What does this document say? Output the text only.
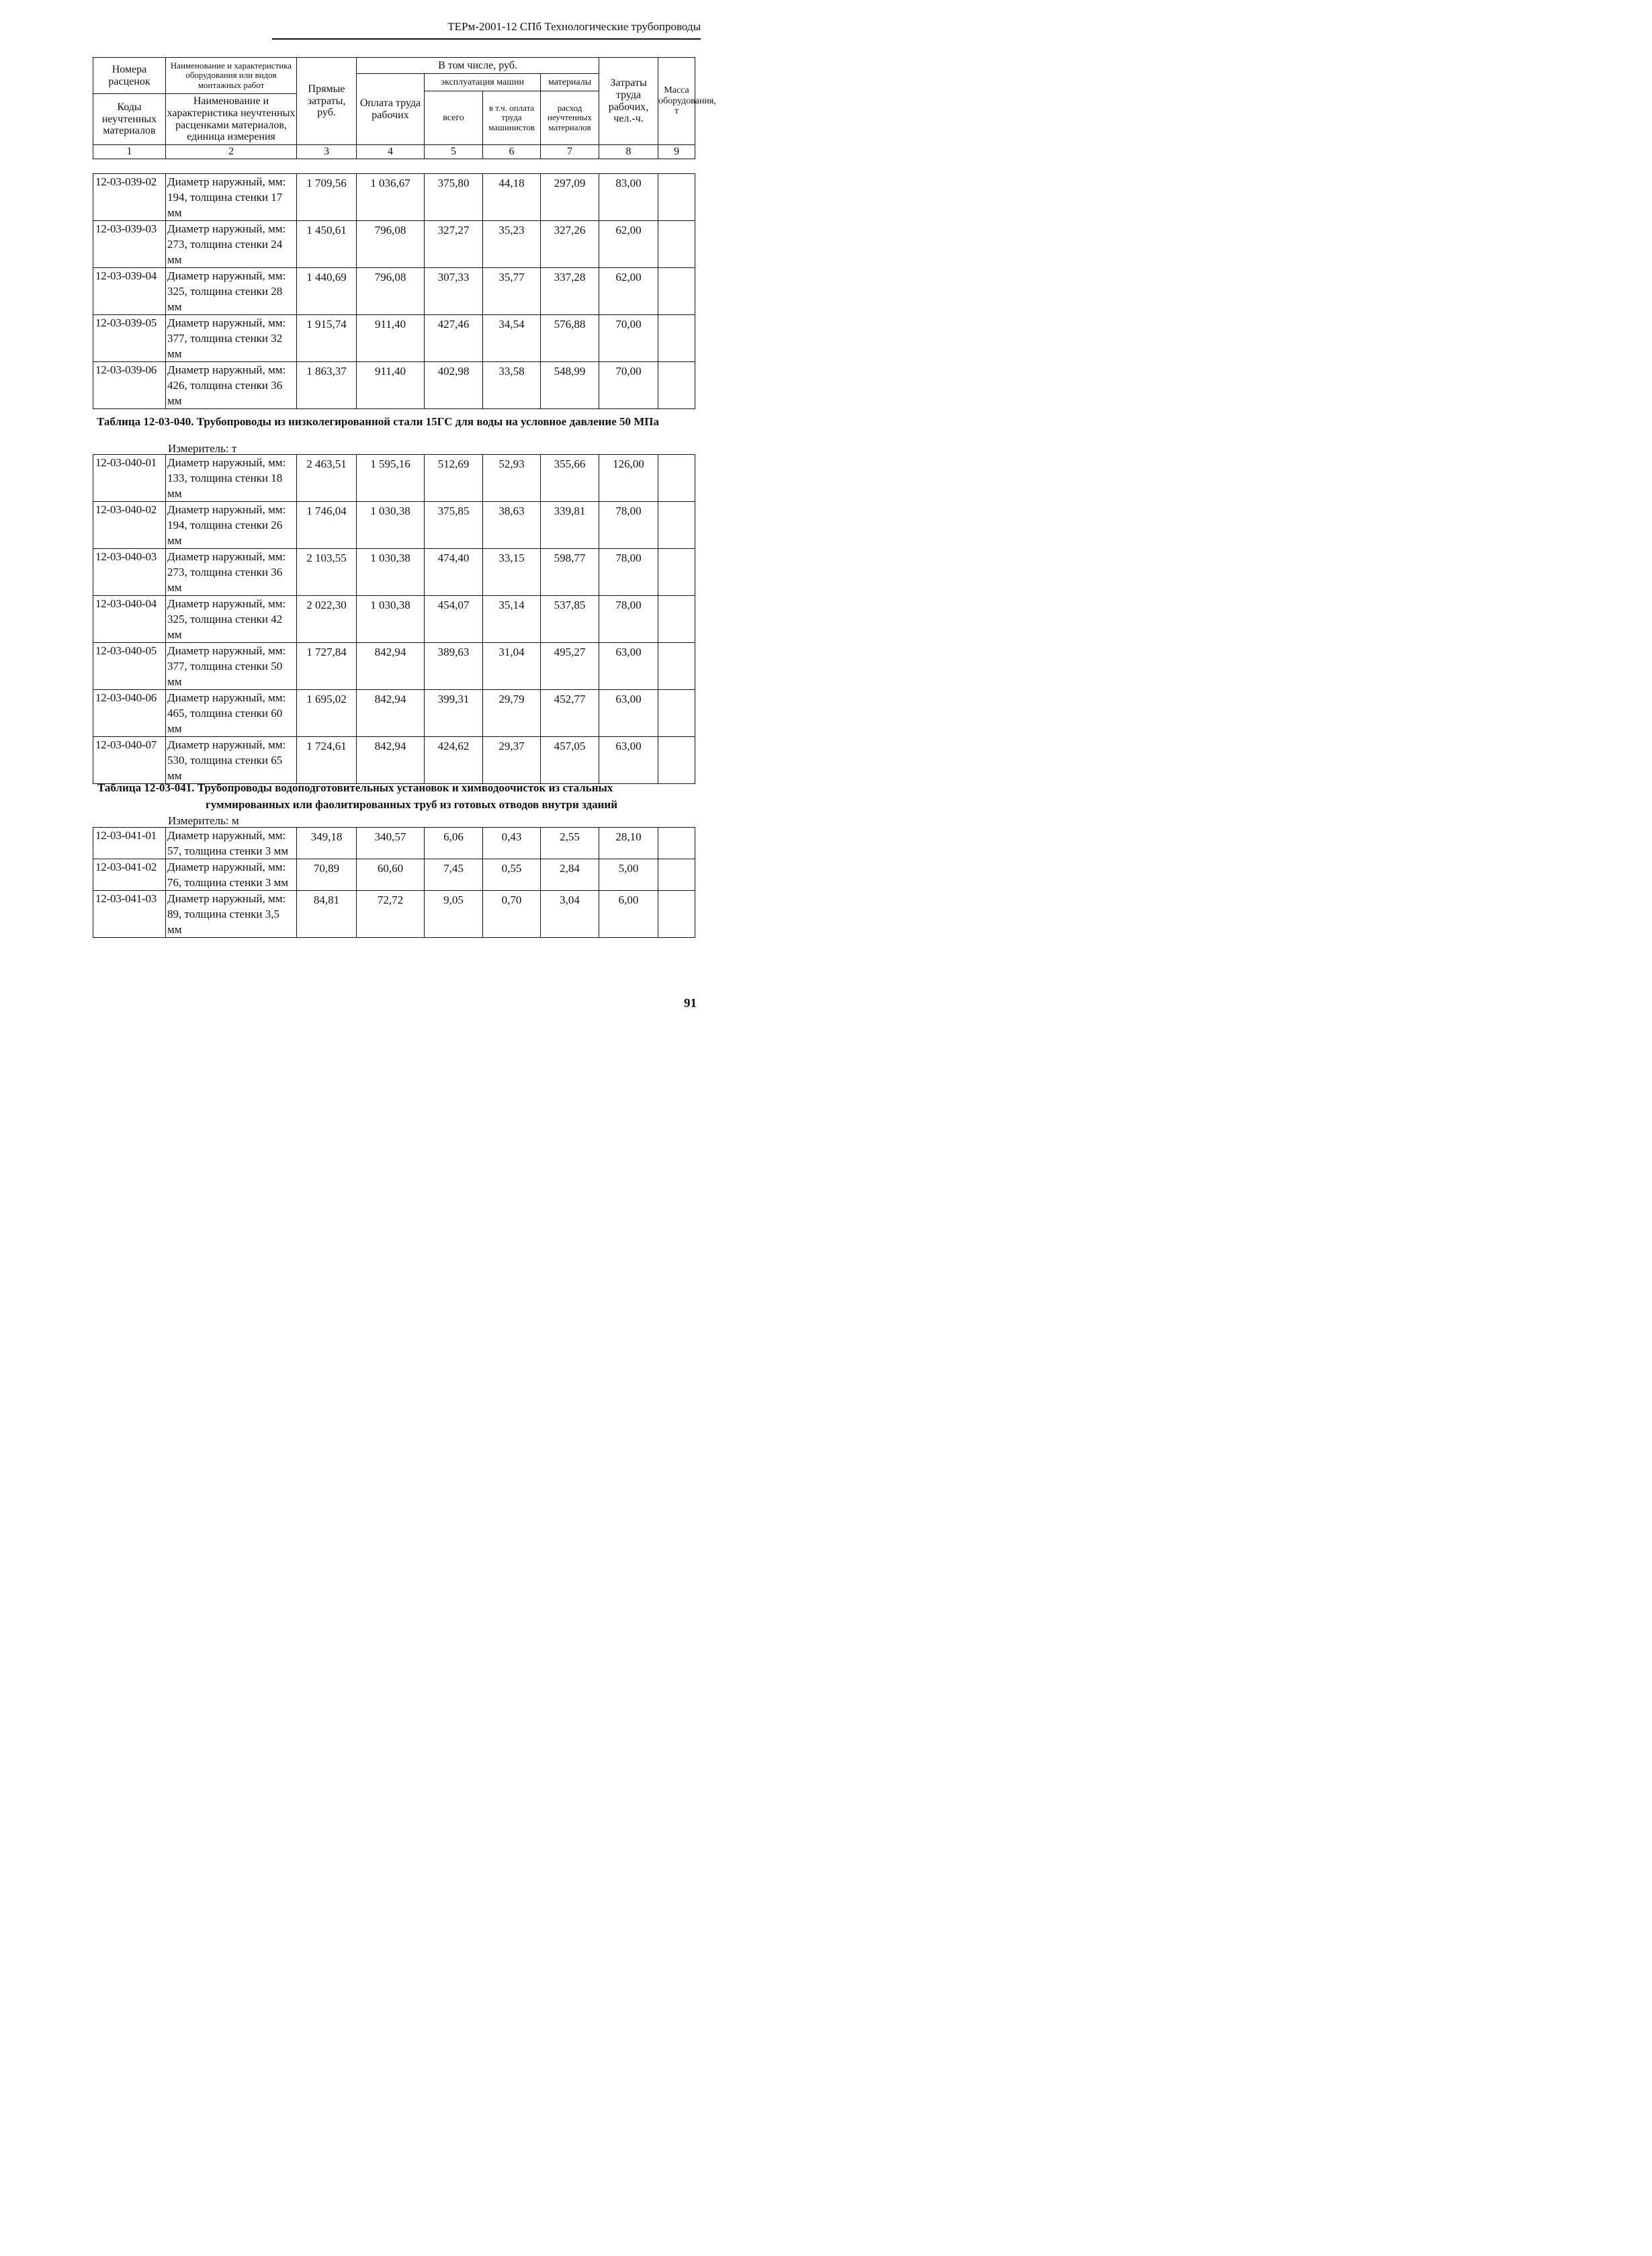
ТЕРм-2001-12 СПб Технологические трубопроводы
Номера расценок	Наименование и характеристика оборудования или видов монтажных работ	Прямые затраты, руб.	В том числе, руб.				Затраты труда рабочих, чел.-ч.	Масса оборудования, т
			Оплата труда рабочих	эксплуатация машин		материалы		
				всего	в т.ч. оплата труда машинистов	расход неучтенных материалов		
Коды неучтенных материалов	Наименование и характеристика неучтенных расценками материалов, единица измерения							

1	2	3	4	5	6	7	8	9
12-03-039-02	Диаметр наружный, мм: 194, толщина стенки 17 мм	1 709,56	1 036,67	375,80	44,18	297,09	83,00	
12-03-039-03	Диаметр наружный, мм: 273, толщина стенки 24 мм	1 450,61	796,08	327,27	35,23	327,26	62,00	
12-03-039-04	Диаметр наружный, мм: 325, толщина стенки 28 мм	1 440,69	796,08	307,33	35,77	337,28	62,00	
12-03-039-05	Диаметр наружный, мм: 377, толщина стенки 32 мм	1 915,74	911,40	427,46	34,54	576,88	70,00	
12-03-039-06	Диаметр наружный, мм: 426, толщина стенки 36 мм	1 863,37	911,40	402,98	33,58	548,99	70,00	
Таблица 12-03-040. Трубопроводы из низколегированной стали 15ГС для воды на условное давление 50 МПа
Измеритель: т
12-03-040-01	Диаметр наружный, мм: 133, толщина стенки 18 мм	2 463,51	1 595,16	512,69	52,93	355,66	126,00	
12-03-040-02	Диаметр наружный, мм: 194, толщина стенки 26 мм	1 746,04	1 030,38	375,85	38,63	339,81	78,00	
12-03-040-03	Диаметр наружный, мм: 273, толщина стенки 36 мм	2 103,55	1 030,38	474,40	33,15	598,77	78,00	
12-03-040-04	Диаметр наружный, мм: 325, толщина стенки 42 мм	2 022,30	1 030,38	454,07	35,14	537,85	78,00	
12-03-040-05	Диаметр наружный, мм: 377, толщина стенки 50 мм	1 727,84	842,94	389,63	31,04	495,27	63,00	
12-03-040-06	Диаметр наружный, мм: 465, толщина стенки 60 мм	1 695,02	842,94	399,31	29,79	452,77	63,00	
12-03-040-07	Диаметр наружный, мм: 530, толщина стенки 65 мм	1 724,61	842,94	424,62	29,37	457,05	63,00	
Таблица 12-03-041. Трубопроводы водоподготовительных установок и химводоочисток из стальных
гуммированных или фаолитированных труб из готовых отводов внутри зданий
Измеритель: м
12-03-041-01	Диаметр наружный, мм: 57, толщина стенки 3 мм	349,18	340,57	6,06	0,43	2,55	28,10	
12-03-041-02	Диаметр наружный, мм: 76, толщина стенки 3 мм	70,89	60,60	7,45	0,55	2,84	5,00	
12-03-041-03	Диаметр наружный, мм: 89, толщина стенки 3,5 мм	84,81	72,72	9,05	0,70	3,04	6,00	
91
